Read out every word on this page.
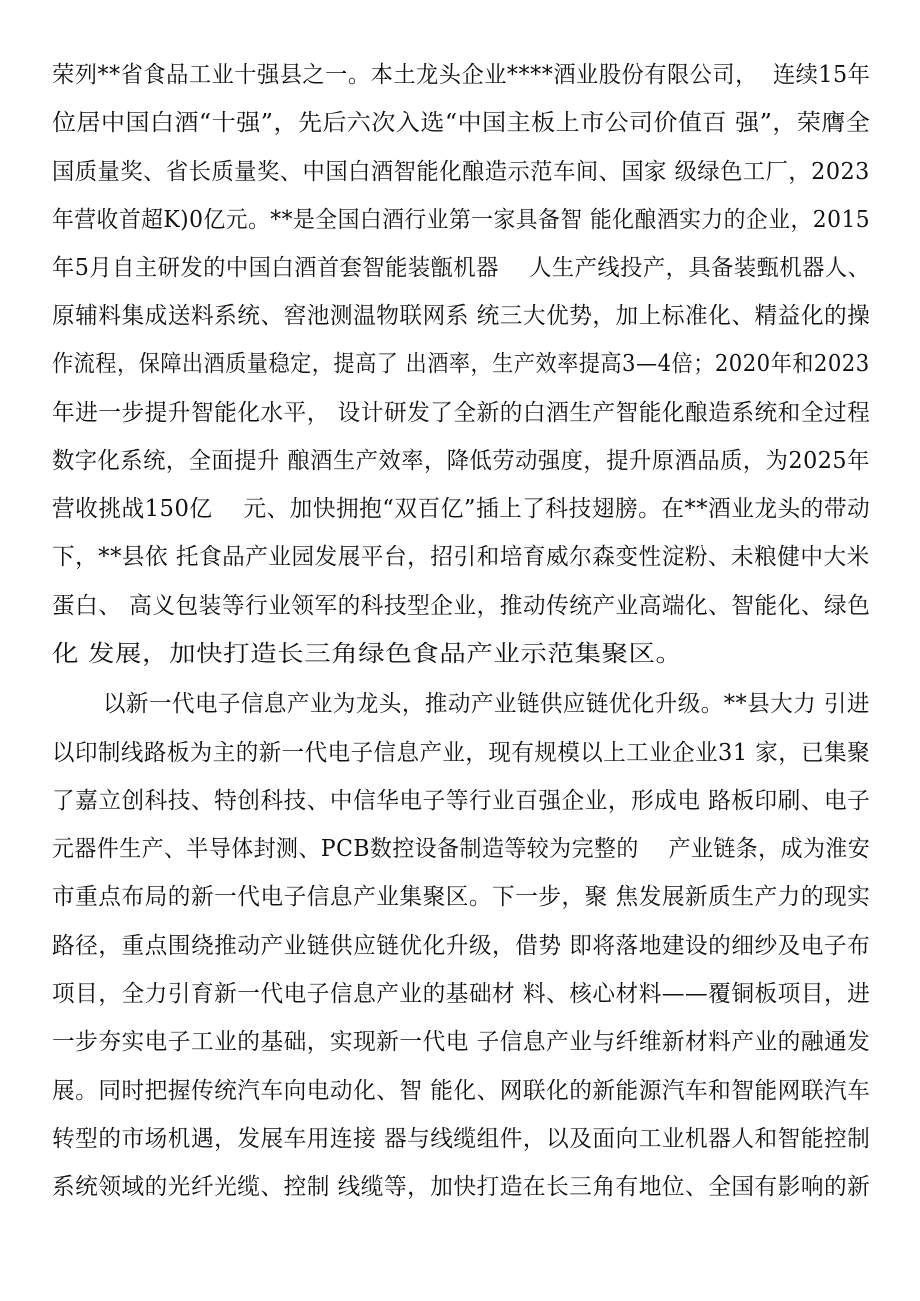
荣列**省食品工业十强县之一。本土龙头企业****酒业股份有限公司，  连续15年
位居中国白酒“十强”，先后六次入选“中国主板上市公司价值百 强”，荣膺全
国质量奖、省长质量奖、中国白酒智能化酿造示范车间、国家 级绿色工厂，2023
年营收首超K)0亿元。**是全国白酒行业第一家具备智 能化酿酒实力的企业，2015
年5月自主研发的中国白酒首套智能装甑机器    人生产线投产，具备装甄机器人、
原辅料集成送料系统、窖池测温物联网系 统三大优势，加上标准化、精益化的操
作流程，保障出酒质量稳定，提高了 出酒率，生产效率提高3—4倍；2020年和2023
年进一步提升智能化水平， 设计研发了全新的白酒生产智能化酿造系统和全过程
数字化系统，全面提升 酿酒生产效率，降低劳动强度，提升原酒品质，为2025年
营收挑战150亿    元、加快拥抱“双百亿”插上了科技翅膀。在**酒业龙头的带动
下，**县依 托食品产业园发展平台，招引和培育威尔森变性淀粉、未粮健中大米
蛋白、 高义包装等行业领军的科技型企业，推动传统产业高端化、智能化、绿色
化 发展，加快打造长三角绿色食品产业示范集聚区。
以新一代电子信息产业为龙头，推动产业链供应链优化升级。**县大力 引进
以印制线路板为主的新一代电子信息产业，现有规模以上工业企业31 家，已集聚
了嘉立创科技、特创科技、中信华电子等行业百强企业，形成电 路板印刷、电子
元器件生产、半导体封测、PCB数控设备制造等较为完整的    产业链条，成为淮安
市重点布局的新一代电子信息产业集聚区。下一步，聚 焦发展新质生产力的现实
路径，重点围绕推动产业链供应链优化升级，借势 即将落地建设的细纱及电子布
项目，全力引育新一代电子信息产业的基础材 料、核心材料——覆铜板项目，进
一步夯实电子工业的基础，实现新一代电 子信息产业与纤维新材料产业的融通发
展。同时把握传统汽车向电动化、智 能化、网联化的新能源汽车和智能网联汽车
转型的市场机遇，发展车用连接 器与线缆组件，以及面向工业机器人和智能控制
系统领域的光纤光缆、控制 线缆等，加快打造在长三角有地位、全国有影响的新
